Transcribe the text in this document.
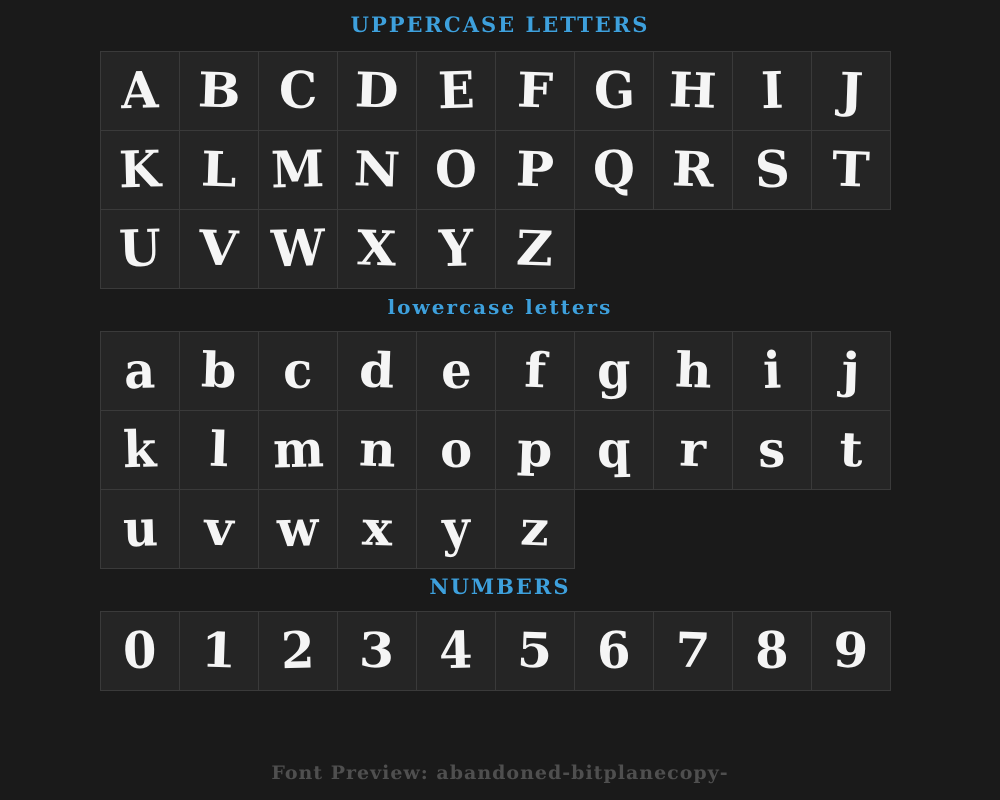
UPPERCASE LETTERS
A B C D E F G H I J
K L M N O P Q R S T
U V W X Y Z
lowercase letters
a b c d e f g h i j
k l m n o p q r s t
u v w x y z
NUMBERS
0 1 2 3 4 5 6 7 8 9
Font Preview: abandoned-bitplanecopy-
